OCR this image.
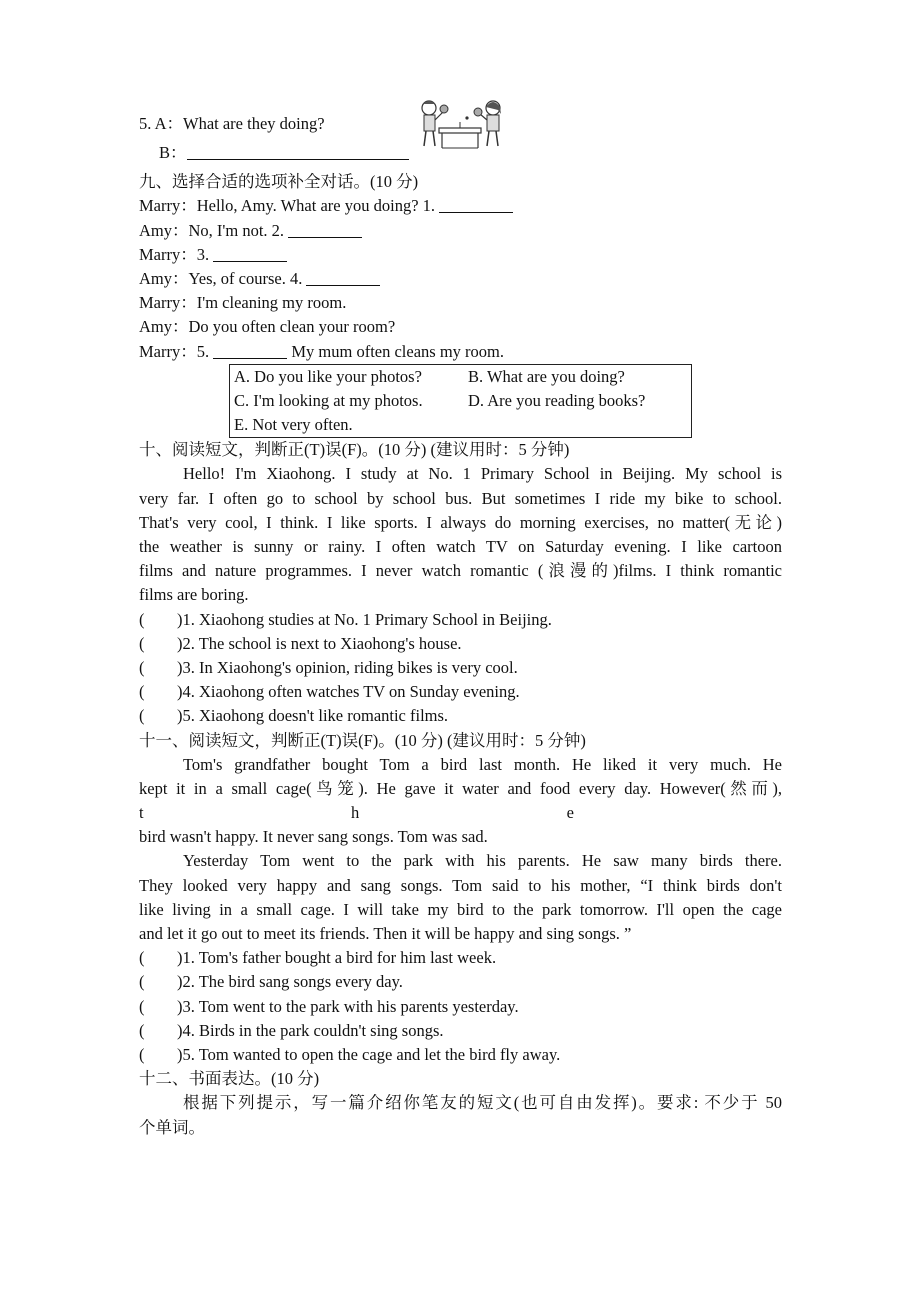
5. A：What are they doing?
B：
九、选择合适的选项补全对话。(10 分)
Marry：Hello, Amy. What are you doing? 1.
Amy：No, I'm not. 2.
Marry：3.
Amy：Yes, of course. 4.
Marry：I'm cleaning my room.
Amy：Do you often clean your room?
Marry：5.	My mum often cleans my room.
A. Do you like your photos?	B. What are you doing?
C. I'm looking at my photos.	D. Are you reading books?
E. Not very often.
十、阅读短文，判断正(T)误(F)。(10 分) (建议用时：5 分钟)
Hello! I'm Xiaohong. I study at No. 1 Primary School in Beijing. My school is
very far. I often go to school by school bus. But sometimes I ride my bike to school.
That's very cool, I think. I like sports. I always do morning exercises, no matter(无论)
the weather is sunny or rainy. I often watch TV on Saturday evening. I like cartoon
films and nature programmes. I never watch romantic (浪漫的)films. I think romantic
films are boring.
( )1. Xiaohong studies at No. 1 Primary School in Beijing.
( )2. The school is next to Xiaohong's house.
( )3. In Xiaohong's opinion, riding bikes is very cool.
( )4. Xiaohong often watches TV on Sunday evening.
( )5. Xiaohong doesn't like romantic films.
十一、阅读短文，判断正(T)误(F)。(10 分) (建议用时：5 分钟)
Tom's grandfather bought Tom a bird last month. He liked it very much. He
kept it in a small cage(鸟笼). He gave it water and food every day. However(然而),
t	h	e
bird wasn't happy. It never sang songs. Tom was sad.
Yesterday Tom went to the park with his parents. He saw many birds there.
They looked very happy and sang songs. Tom said to his mother, “I think birds don't
like living in a small cage. I will take my bird to the park tomorrow. I'll open the cage
and let it go out to meet its friends. Then it will be happy and sing songs. ”
( )1. Tom's father bought a bird for him last week.
( )2. The bird sang songs every day.
( )3. Tom went to the park with his parents yesterday.
( )4. Birds in the park couldn't sing songs.
( )5. Tom wanted to open the cage and let the bird fly away.
十二、书面表达。(10 分)
根据下列提示，写一篇介绍你笔友的短文(也可自由发挥)。要求: 不少于 50
个单词。
